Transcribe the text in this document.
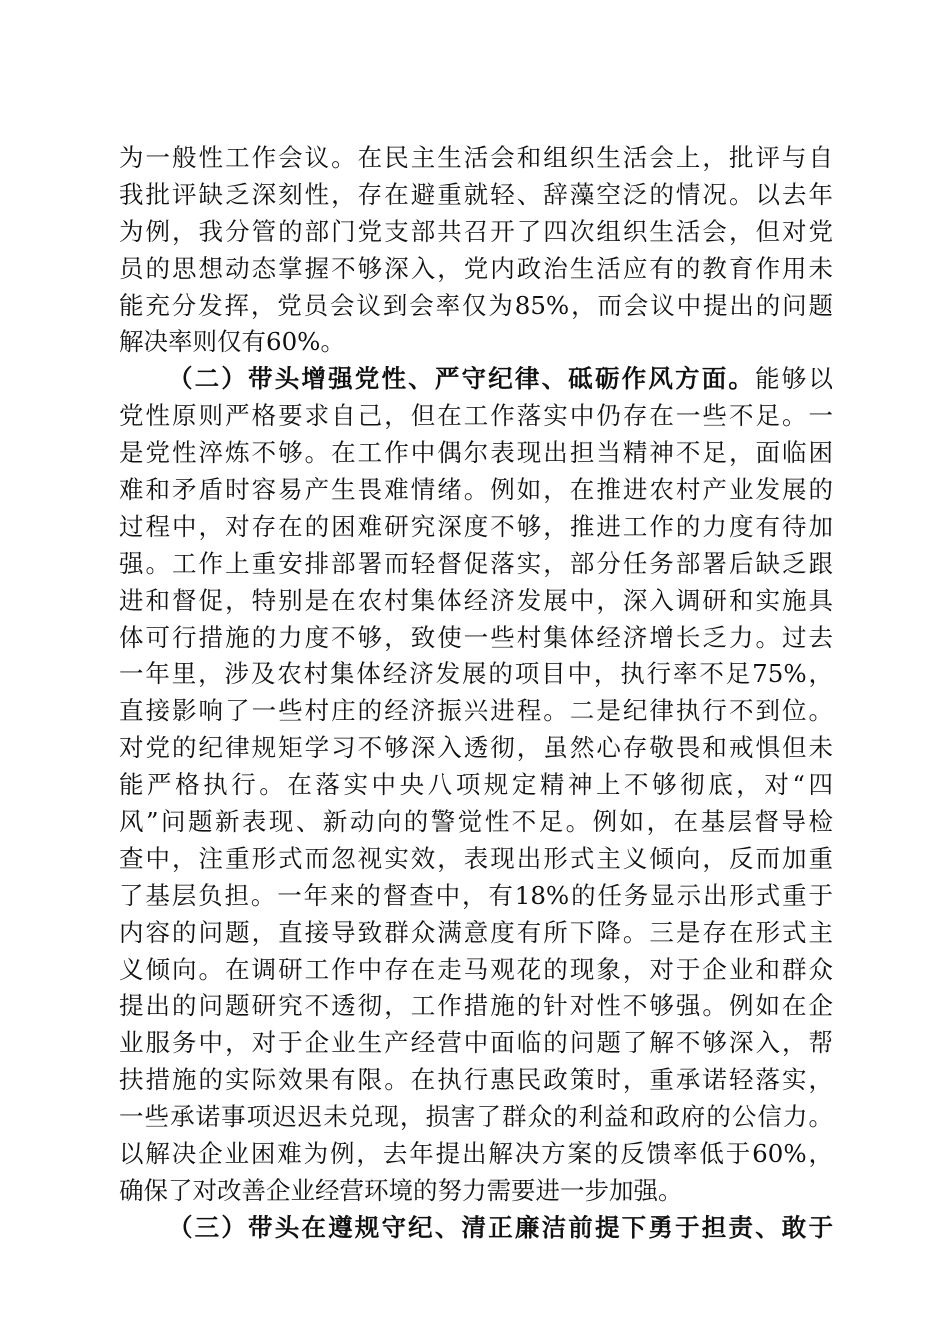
为一般性工作会议。在民主生活会和组织生活会上，批评与自
我批评缺乏深刻性，存在避重就轻、辞藻空泛的情况。以去年
为例，我分管的部门党支部共召开了四次组织生活会，但对党
员的思想动态掌握不够深入，党内政治生活应有的教育作用未
能充分发挥，党员会议到会率仅为85%，而会议中提出的问题
解决率则仅有60%。
（二）带头增强党性、严守纪律、砥砺作风方面。能够以
党性原则严格要求自己，但在工作落实中仍存在一些不足。一
是党性淬炼不够。在工作中偶尔表现出担当精神不足，面临困
难和矛盾时容易产生畏难情绪。例如，在推进农村产业发展的
过程中，对存在的困难研究深度不够，推进工作的力度有待加
强。工作上重安排部署而轻督促落实，部分任务部署后缺乏跟
进和督促，特别是在农村集体经济发展中，深入调研和实施具
体可行措施的力度不够，致使一些村集体经济增长乏力。过去
一年里，涉及农村集体经济发展的项目中，执行率不足75%，
直接影响了一些村庄的经济振兴进程。二是纪律执行不到位。
对党的纪律规矩学习不够深入透彻，虽然心存敬畏和戒惧但未
能严格执行。在落实中央八项规定精神上不够彻底，对“四
风”问题新表现、新动向的警觉性不足。例如，在基层督导检
查中，注重形式而忽视实效，表现出形式主义倾向，反而加重
了基层负担。一年来的督查中，有18%的任务显示出形式重于
内容的问题，直接导致群众满意度有所下降。三是存在形式主
义倾向。在调研工作中存在走马观花的现象，对于企业和群众
提出的问题研究不透彻，工作措施的针对性不够强。例如在企
业服务中，对于企业生产经营中面临的问题了解不够深入，帮
扶措施的实际效果有限。在执行惠民政策时，重承诺轻落实，
一些承诺事项迟迟未兑现，损害了群众的利益和政府的公信力。
以解决企业困难为例，去年提出解决方案的反馈率低于60%，
确保了对改善企业经营环境的努力需要进一步加强。
（三）带头在遵规守纪、清正廉洁前提下勇于担责、敢于
